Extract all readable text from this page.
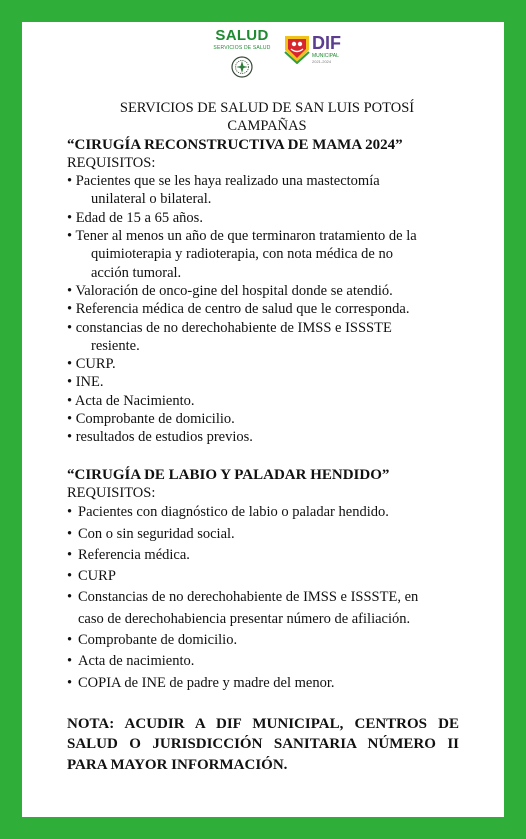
SALUD
SERVICIOS DE SALUD	DIF
MUNICIPAL
2021-2024
SERVICIOS DE SALUD DE SAN LUIS POTOSÍ
CAMPAÑAS
“CIRUGÍA RECONSTRUCTIVA DE MAMA 2024”
REQUISITOS:
• Pacientes que se les haya realizado una mastectomía
unilateral o bilateral.
• Edad de 15 a 65 años.
• Tener al menos un año de que terminaron tratamiento de la
quimioterapia y radioterapia, con nota médica de no
acción tumoral.
• Valoración de onco-gine del hospital donde se atendió.
• Referencia médica de centro de salud que le corresponda.
• constancias de no derechohabiente de IMSS e ISSSTE
resiente.
• CURP.
• INE.
• Acta de Nacimiento.
• Comprobante de domicilio.
• resultados de estudios previos.
“CIRUGÍA DE LABIO Y PALADAR HENDIDO”
REQUISITOS:
• Pacientes con diagnóstico de labio o paladar hendido.
• Con o sin seguridad social.
• Referencia médica.
• CURP
• Constancias de no derechohabiente de IMSS e ISSSTE, en
caso de derechohabiencia presentar número de afiliación.
• Comprobante de domicilio.
• Acta de nacimiento.
• COPIA de INE de padre y madre del menor.
NOTA: ACUDIR A DIF MUNICIPAL, CENTROS DE SALUD O JURISDICCIÓN SANITARIA NÚMERO II PARA MAYOR INFORMACIÓN.
